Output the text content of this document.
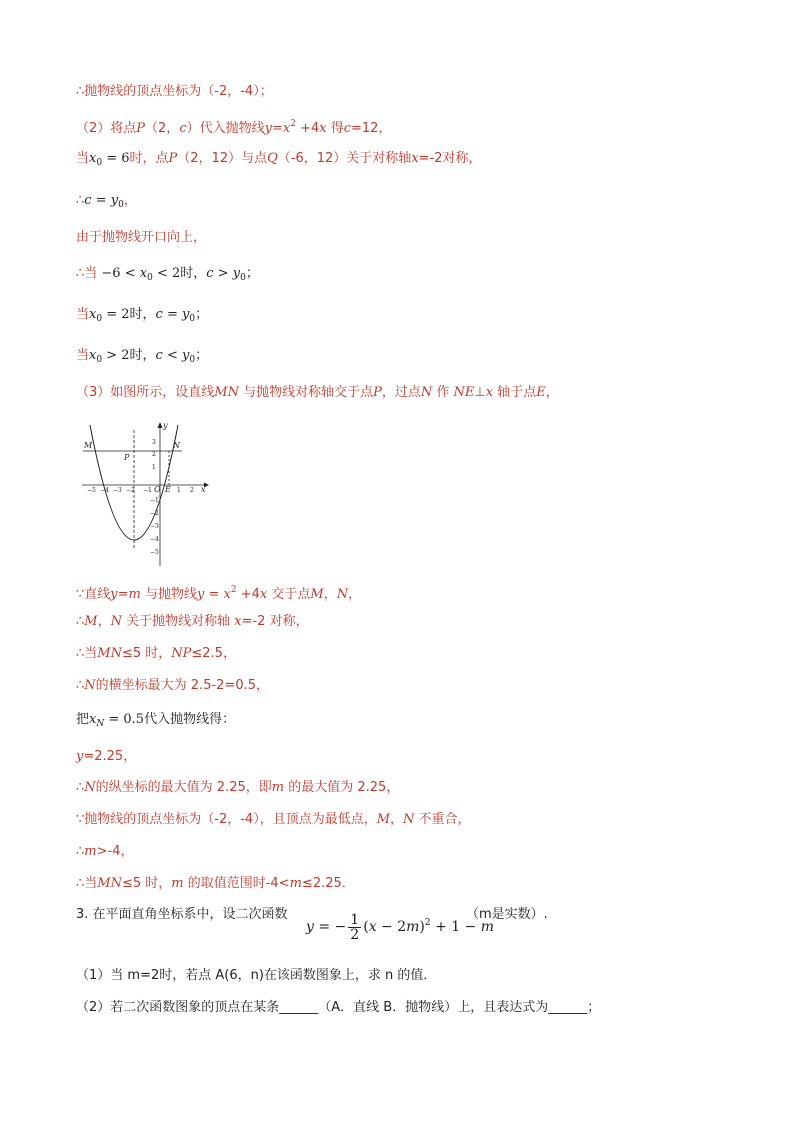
∴抛物线的顶点坐标为（-2，-4）；
（2）将点P（2，c）代入抛物线$y=x^2 +4x$ 得c=12，
当$x_0 = 6$时，点P（2，12）与点Q（-6，12）关于对称轴x=-2对称，
∴c = $y_0$，
由于抛物线开口向上，
∴当 $-6 < x_0 < 2$时，$c > y_0$；
当$x_0 = 2$时，$c = y_0$；
当$x_0 > 2$时，$c < y_0$；
（3）如图所示，设直线MN 与抛物线对称轴交于点P，过点N 作 NE⊥x 轴于点E，
−5 −4 −3 −2 −1	1 2
3
2
1
−1
−2
−3
−4
−5
M	N
P
O E	x
y
∵直线y=m 与抛物线$y = x^2 +4x$ 交于点M，N，
∴M，N 关于抛物线对称轴 x=-2 对称，
∴当MN≤5 时，NP≤2.5，
∴N的横坐标最大为 2.5-2=0.5，
把$x_N = 0.5$代入抛物线得：
y=2.25，
∴N的纵坐标的最大值为 2.25，即m 的最大值为 2.25，
∵抛物线的顶点坐标为（-2，-4），且顶点为最低点，M，N 不重合，
∴m>-4，
∴当MN≤5 时，m 的取值范围时-4<m≤2.25．
3. 在平面直角坐标系中，设二次函数
y = − $\frac{1}{2} (x - 2m)^2 + 1 - m$
（m是实数）.
（1）当 m=2时，若点 A(6，n)在该函数图象上，求 n 的值．
（2）若二次函数图象的顶点在某条______（A．直线 B．抛物线）上，且表达式为______；
